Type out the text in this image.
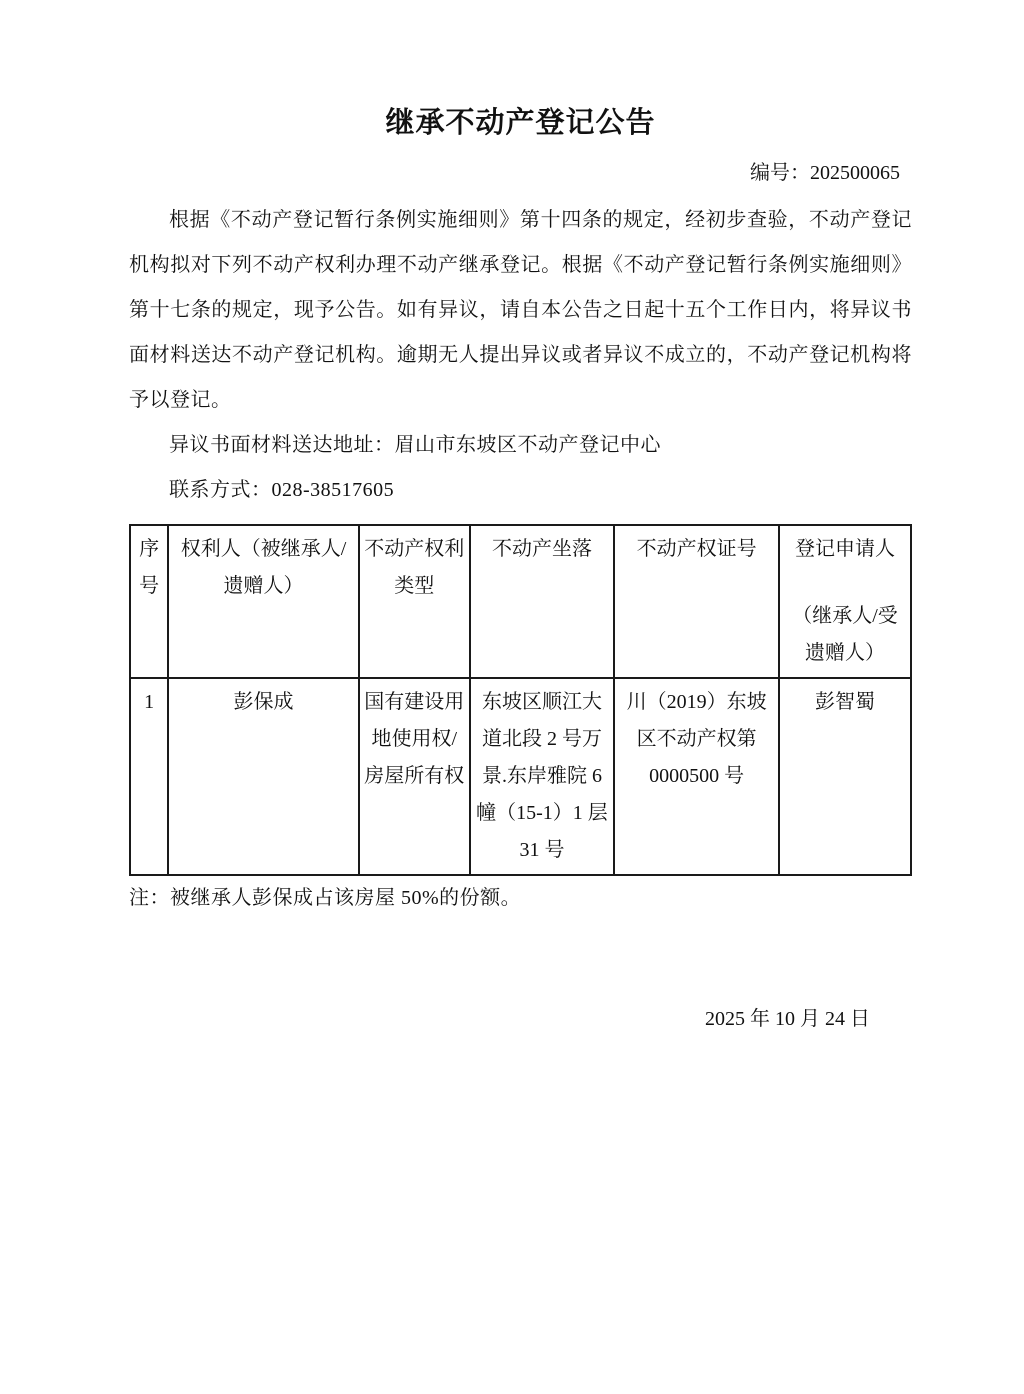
继承不动产登记公告
编号：202500065

根据《不动产登记暂行条例实施细则》第十四条的规定，经初步查验，不动产登记机构拟对下列不动产权利办理不动产继承登记。根据《不动产登记暂行条例实施细则》第十七条的规定，现予公告。如有异议，请自本公告之日起十五个工作日内，将异议书面材料送达不动产登记机构。逾期无人提出异议或者异议不成立的，不动产登记机构将予以登记。

异议书面材料送达地址：眉山市东坡区不动产登记中心

联系方式：028-38517605

序号	权利人（被继承人/遗赠人）	不动产权利类型	不动产坐落	不动产权证号	登记申请人
（继承人/受遗赠人）

1	彭保成	国有建设用地使用权/房屋所有权	东坡区顺江大道北段 2 号万景.东岸雅院 6 幢（15-1）1 层 31 号	川（2019）东坡区不动产权第 0000500 号	彭智蜀

注：被继承人彭保成占该房屋 50%的份额。

2025 年 10 月 24 日
